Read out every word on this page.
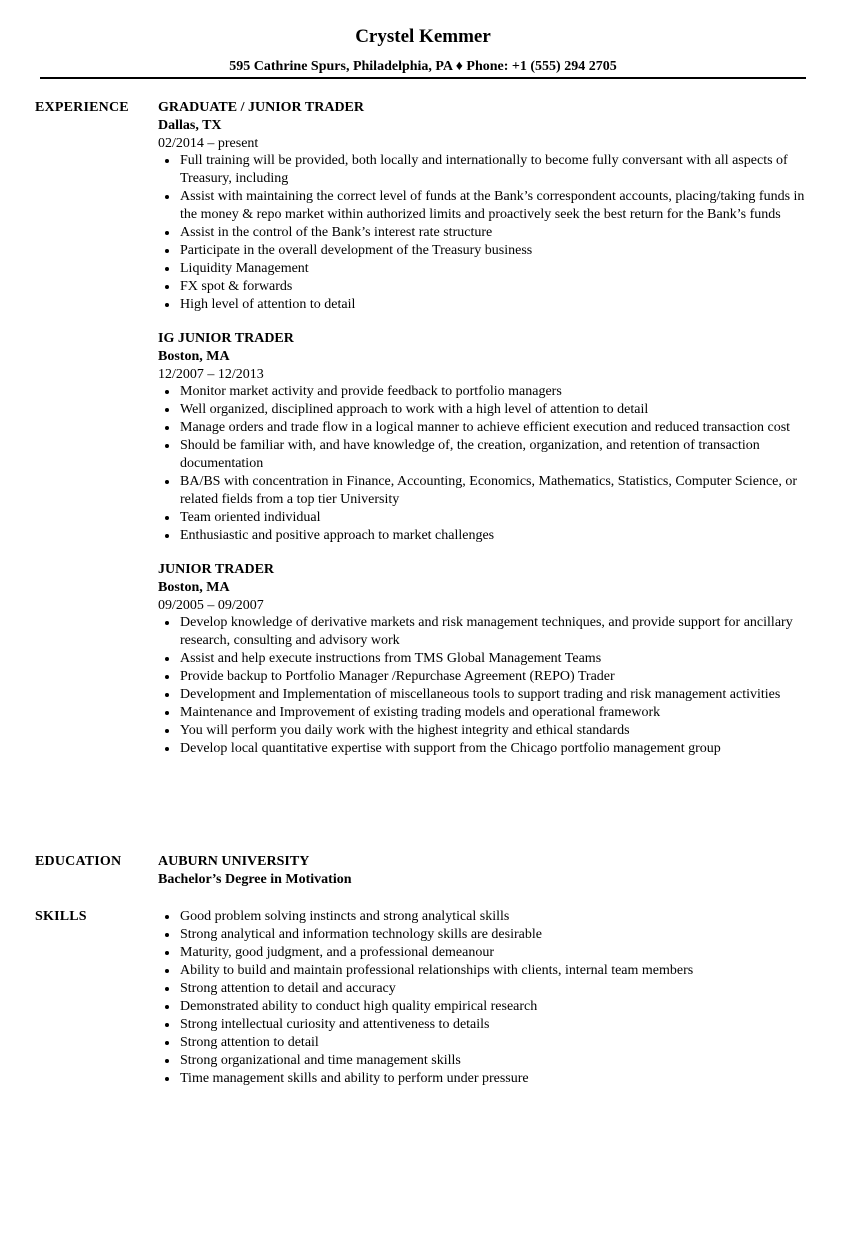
Crystel Kemmer
595 Cathrine Spurs, Philadelphia, PA ♦ Phone: +1 (555) 294 2705
EXPERIENCE GRADUATE / JUNIOR TRADER
Dallas, TX
02/2014 – present
Full training will be provided, both locally and internationally to become fully conversant with all aspects of Treasury, including
Assist with maintaining the correct level of funds at the Bank’s correspondent accounts, placing/taking funds in the money & repo market within authorized limits and proactively seek the best return for the Bank’s funds
Assist in the control of the Bank’s interest rate structure
Participate in the overall development of the Treasury business
Liquidity Management
FX spot & forwards
High level of attention to detail
IG JUNIOR TRADER
Boston, MA
12/2007 – 12/2013
Monitor market activity and provide feedback to portfolio managers
Well organized, disciplined approach to work with a high level of attention to detail
Manage orders and trade flow in a logical manner to achieve efficient execution and reduced transaction cost
Should be familiar with, and have knowledge of, the creation, organization, and retention of transaction documentation
BA/BS with concentration in Finance, Accounting, Economics, Mathematics, Statistics, Computer Science, or related fields from a top tier University
Team oriented individual
Enthusiastic and positive approach to market challenges
JUNIOR TRADER
Boston, MA
09/2005 – 09/2007
Develop knowledge of derivative markets and risk management techniques, and provide support for ancillary research, consulting and advisory work
Assist and help execute instructions from TMS Global Management Teams
Provide backup to Portfolio Manager /Repurchase Agreement (REPO) Trader
Development and Implementation of miscellaneous tools to support trading and risk management activities
Maintenance and Improvement of existing trading models and operational framework
You will perform you daily work with the highest integrity and ethical standards
Develop local quantitative expertise with support from the Chicago portfolio management group
EDUCATION	AUBURN UNIVERSITY
Bachelor’s Degree in Motivation
SKILLS	Good problem solving instincts and strong analytical skills
Strong analytical and information technology skills are desirable
Maturity, good judgment, and a professional demeanour
Ability to build and maintain professional relationships with clients, internal team members
Strong attention to detail and accuracy
Demonstrated ability to conduct high quality empirical research
Strong intellectual curiosity and attentiveness to details
Strong attention to detail
Strong organizational and time management skills
Time management skills and ability to perform under pressure
